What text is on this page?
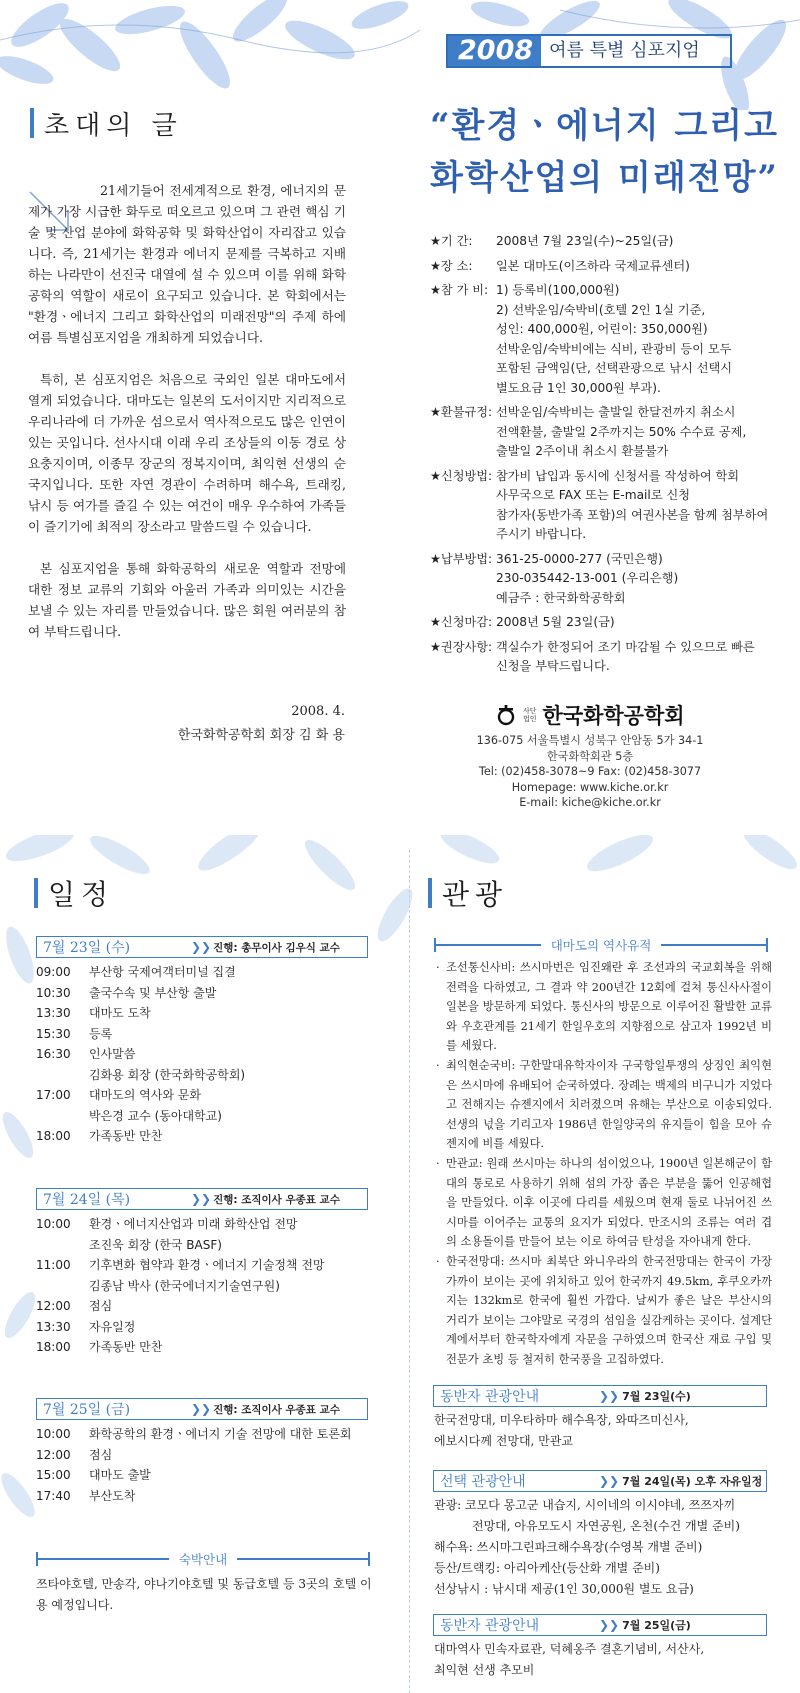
2008 여름 특별 심포지엄
초대의 글	“환경ㆍ에너지 그리고
화학산업의 미래전망”

21세기들어 전세계적으로 환경, 에너지의 문제가 가장 시급한 화두로 떠오르고 있으며 그 관련 핵심 기술 및 산업 분야에 화학공학 및 화학산업이 자리잡고 있습니다. 즉, 21세기는 환경과 에너지 문제를 극복하고 지배하는 나라만이 선진국 대열에 설 수 있으며 이를 위해 화학공학의 역할이 새로이 요구되고 있습니다. 본 학회에서는 "환경ㆍ에너지 그리고 화학산업의 미래전망"의 주제 하에 여름 특별심포지엄을 개최하게 되었습니다.

특히, 본 심포지엄은 처음으로 국외인 일본 대마도에서 열게 되었습니다. 대마도는 일본의 도서이지만 지리적으로 우리나라에 더 가까운 섬으로서 역사적으로도 많은 인연이 있는 곳입니다. 선사시대 이래 우리 조상들의 이동 경로 상 요충지이며, 이종무 장군의 정복지이며, 최익현 선생의 순국지입니다. 또한 자연 경관이 수려하며 해수욕, 트래킹, 낚시 등 여가를 즐길 수 있는 여건이 매우 우수하여 가족들이 즐기기에 최적의 장소라고 말씀드릴 수 있습니다.

본 심포지엄을 통해 화학공학의 새로운 역할과 전망에 대한 정보 교류의 기회와 아울러 가족과 의미있는 시간을 보낼 수 있는 자리를 만들었습니다. 많은 회원 여러분의 참여 부탁드립니다.

2008. 4.
한국화학공학회 회장 김 화 용
★기 간:	2008년 7월 23일(수)~25일(금)
★장 소:	일본 대마도(이즈하라 국제교류센터)
★참 가 비: 1) 등록비(100,000원)
2) 선박운임/숙박비(호텔 2인 1실 기준,
성인: 400,000원, 어린이: 350,000원)
선박운임/숙박비에는 식비, 관광비 등이 모두
포함된 금액임(단, 선택관광으로 낚시 선택시
별도요금 1인 30,000원 부과).
★환불규정: 선박운임/숙박비는 출발일 한달전까지 취소시
전액환불, 출발일 2주까지는 50% 수수료 공제,
출발일 2주이내 취소시 환불불가
★신청방법: 참가비 납입과 동시에 신청서를 작성하여 학회
사무국으로 FAX 또는 E-mail로 신청
참가자(동반가족 포함)의 여권사본을 함께 첨부하여
주시기 바랍니다.
★납부방법: 361-25-0000-277 (국민은행)
230-035442-13-001 (우리은행)
예금주 : 한국화학공학회
★신청마감: 2008년 5월 23일(금)
★권장사항: 객실수가 한정되어 조기 마감될 수 있으므로 빠른
신청을 부탁드립니다.
사단
법인 한국화학공학회
136-075 서울특별시 성북구 안암동 5가 34-1
한국화학회관 5층
Tel: (02)458-3078~9 Fax: (02)458-3077
Homepage: www.kiche.or.kr
E-mail: kiche@kiche.or.kr
일정	관광
7월 23일 (수)	❯❯ 진행: 총무이사 김우식 교수
09:00	부산항 국제여객터미널 집결
10:30	출국수속 및 부산항 출발
13:30	대마도 도착
15:30	등록
16:30	인사말씀
김화용 회장 (한국화학공학회)
17:00	대마도의 역사와 문화
박은경 교수 (동아대학교)
18:00	가족동반 만찬
7월 24일 (목)	❯❯ 진행: 조직이사 우종표 교수
10:00	환경ㆍ에너지산업과 미래 화학산업 전망
조진욱 회장 (한국 BASF)
11:00	기후변화 협약과 환경ㆍ에너지 기술정책 전망
김종남 박사 (한국에너지기술연구원)
12:00	점심
13:30	자유일정
18:00	가족동반 만찬
7월 25일 (금)	❯❯ 진행: 조직이사 우종표 교수
10:00	화학공학의 환경ㆍ에너지 기술 전망에 대한 토론회
12:00	점심
15:00	대마도 출발
17:40	부산도착
숙박안내
쯔타야호텔, 만송각, 야나기야호텔 및 동급호텔 등 3곳의 호텔 이용 예정입니다.
대마도의 역사유적
· 조선통신사비: 쓰시마번은 임진왜란 후 조선과의 국교회복을 위해 전력을 다하였고, 그 결과 약 200년간 12회에 걸쳐 통신사사절이 일본을 방문하게 되었다. 통신사의 방문으로 이루어진 활발한 교류와 우호관계를 21세기 한일우호의 지향점으로 삼고자 1992년 비를 세웠다.
· 최익현순국비: 구한말대유학자이자 구국항일투쟁의 상징인 최익현은 쓰시마에 유배되어 순국하였다. 장례는 백제의 비구니가 지었다고 전해지는 슈젠지에서 치러졌으며 유해는 부산으로 이송되었다. 선생의 넋을 기리고자 1986년 한일양국의 유지들이 힘을 모아 슈젠지에 비를 세웠다.
· 만관교: 원래 쓰시마는 하나의 섬이었으나, 1900년 일본해군이 함대의 통로로 사용하기 위해 섬의 가장 좁은 부분을 뚫어 인공해협을 만들었다. 이후 이곳에 다리를 세웠으며 현재 둘로 나뉘어진 쓰시마를 이어주는 교통의 요지가 되었다. 만조시의 조류는 여러 겹의 소용돌이를 만들어 보는 이로 하여금 탄성을 자아내게 한다.
· 한국전망대: 쓰시마 최북단 와니우라의 한국전망대는 한국이 가장 가까이 보이는 곳에 위치하고 있어 한국까지 49.5km, 후쿠오카까지는 132km로 한국에 훨씬 가깝다. 날씨가 좋은 날은 부산시의 거리가 보이는 그야말로 국경의 섬임을 실감케하는 곳이다. 설계단계에서부터 한국학자에게 자문을 구하였으며 한국산 재료 구입 및 전문가 초빙 등 철저히 한국풍을 고집하였다.
동반자 관광안내	❯❯ 7월 23일(수)
한국전망대, 미우타하마 해수욕장, 와따즈미신사,
에보시다께 전망대, 만관교
선택 관광안내	❯❯ 7월 24일(목) 오후 자유일정
관광: 코모다 몽고군 내습지, 시이네의 이시야네, 쯔쯔자끼
전망대, 아유모도시 자연공원, 온천(수건 개별 준비)
해수욕: 쓰시마그린파크해수욕장(수영복 개별 준비)
등산/트랙킹: 아리아케산(등산화 개별 준비)
선상낚시 : 낚시대 제공(1인 30,000원 별도 요금)
동반자 관광안내	❯❯ 7월 25일(금)
대마역사 민속자료관, 덕혜옹주 결혼기념비, 서산사,
최익현 선생 추모비
